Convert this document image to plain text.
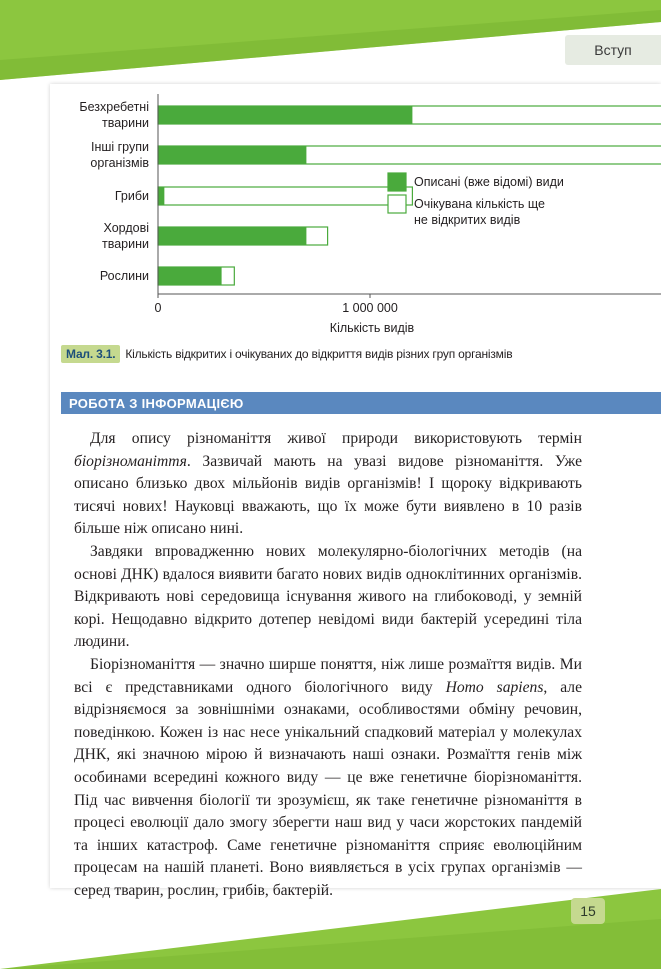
Вступ
Безхребетні
тварини
Інші групи
організмів
Гриби
Хордові
тварини
Рослини
0	1 000 000
Описані (вже відомі) види
Очікувана кількість ще
не відкритих видів
Кількість видів
Мал. 3.1. Кількість відкритих і очікуваних до відкриття видів різних груп організмів
РОБОТА З ІНФОРМАЦІЄЮ

Для опису різноманіття живої природи використовують термін біорізноманіття. Зазвичай мають на увазі видове різноманіття. Уже описано близько двох мільйонів видів організмів! І щороку відкривають тисячі нових! Науковці вважають, що їх може бути виявлено в 10 разів більше ніж описано нині.

Завдяки впровадженню нових молекулярно-біологічних методів (на основі ДНК) вдалося виявити багато нових видів одноклітинних організмів. Відкривають нові середовища існування живого на глибоководі, у земній корі. Нещодавно відкрито дотепер невідомі види бактерій усередині тіла людини.

Біорізноманіття — значно ширше поняття, ніж лише розмаїття видів. Ми всі є представниками одного біологічного виду Homo sapiens, але відрізняємося за зовнішніми ознаками, особливостями обміну речовин, поведінкою. Кожен із нас несе унікальний спадковий матеріал у молекулах ДНК, які значною мірою й визначають наші ознаки. Розмаїття генів між особинами всередині кожного виду — це вже генетичне біорізноманіття. Під час вивчення біології ти зрозумієш, як таке генетичне різноманіття в процесі еволюції дало змогу зберегти наш вид у часи жорстоких пандемій та інших катастроф. Саме генетичне різноманіття сприяє еволюційним процесам на нашій планеті. Воно виявляється в усіх групах організмів — серед тварин, рослин, грибів, бактерій.

15
